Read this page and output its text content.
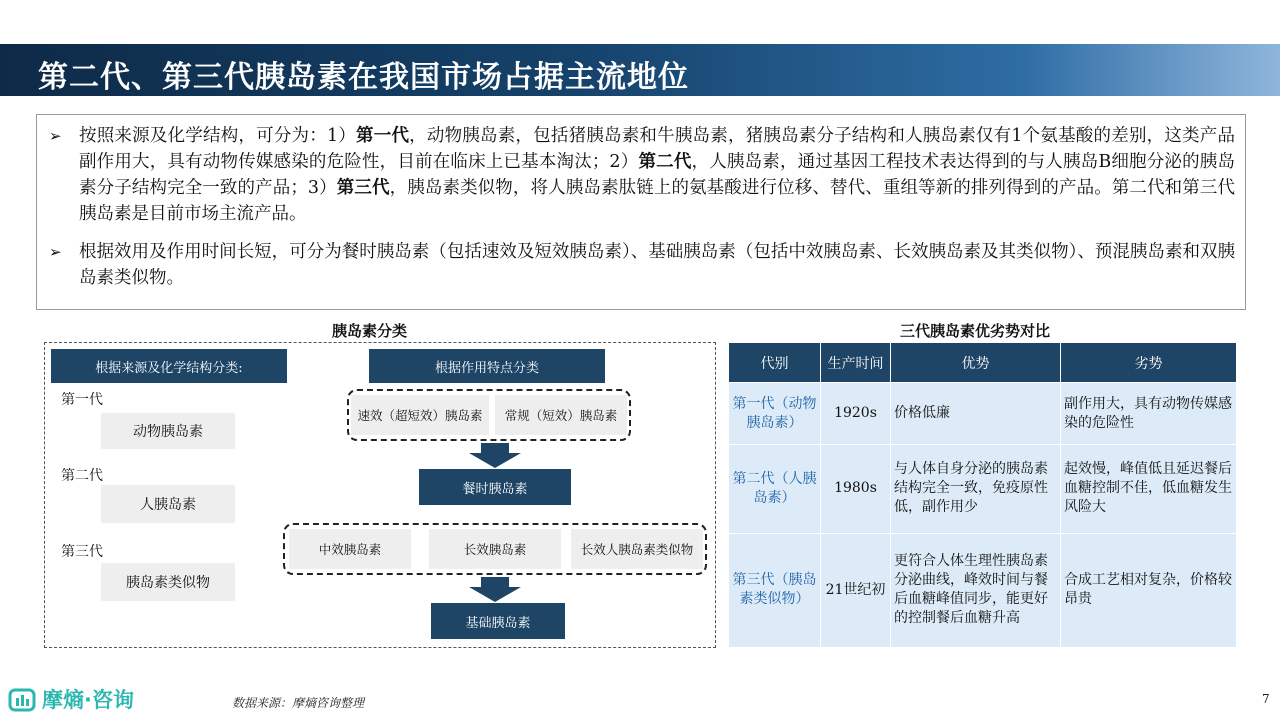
第二代、第三代胰岛素在我国市场占据主流地位

➢ 按照来源及化学结构，可分为：1）第一代，动物胰岛素，包括猪胰岛素和牛胰岛素，猪胰岛素分子结构和人胰岛素仅有1个氨基酸的差别，这类产品副作用大，具有动物传媒感染的危险性，目前在临床上已基本淘汰；2）第二代，人胰岛素，通过基因工程技术表达得到的与人胰岛B细胞分泌的胰岛素分子结构完全一致的产品；3）第三代，胰岛素类似物，将人胰岛素肽链上的氨基酸进行位移、替代、重组等新的排列得到的产品。第二代和第三代胰岛素是目前市场主流产品。

➢ 根据效用及作用时间长短，可分为餐时胰岛素（包括速效及短效胰岛素）、基础胰岛素（包括中效胰岛素、长效胰岛素及其类似物）、预混胰岛素和双胰岛素类似物。

胰岛素分类	三代胰岛素优劣势对比
根据来源及化学结构分类:	根据作用特点分类
第一代
动物胰岛素
第二代
人胰岛素
第三代
胰岛素类似物
速效（超短效）胰岛素	常规（短效）胰岛素
餐时胰岛素
中效胰岛素	长效胰岛素	长效人胰岛素类似物
基础胰岛素
代别	生产时间	优势	劣势
第一代（动物胰岛素）	1920s	价格低廉	副作用大，具有动物传媒感染的危险性
第二代（人胰岛素）	1980s	与人体自身分泌的胰岛素结构完全一致，免疫原性低，副作用少	起效慢，峰值低且延迟餐后血糖控制不佳，低血糖发生风险大
第三代（胰岛素类似物）	21世纪初	更符合人体生理性胰岛素分泌曲线，峰效时间与餐后血糖峰值同步，能更好的控制餐后血糖升高	合成工艺相对复杂，价格较昂贵
摩熵·咨询	数据来源：摩熵咨询整理	7
